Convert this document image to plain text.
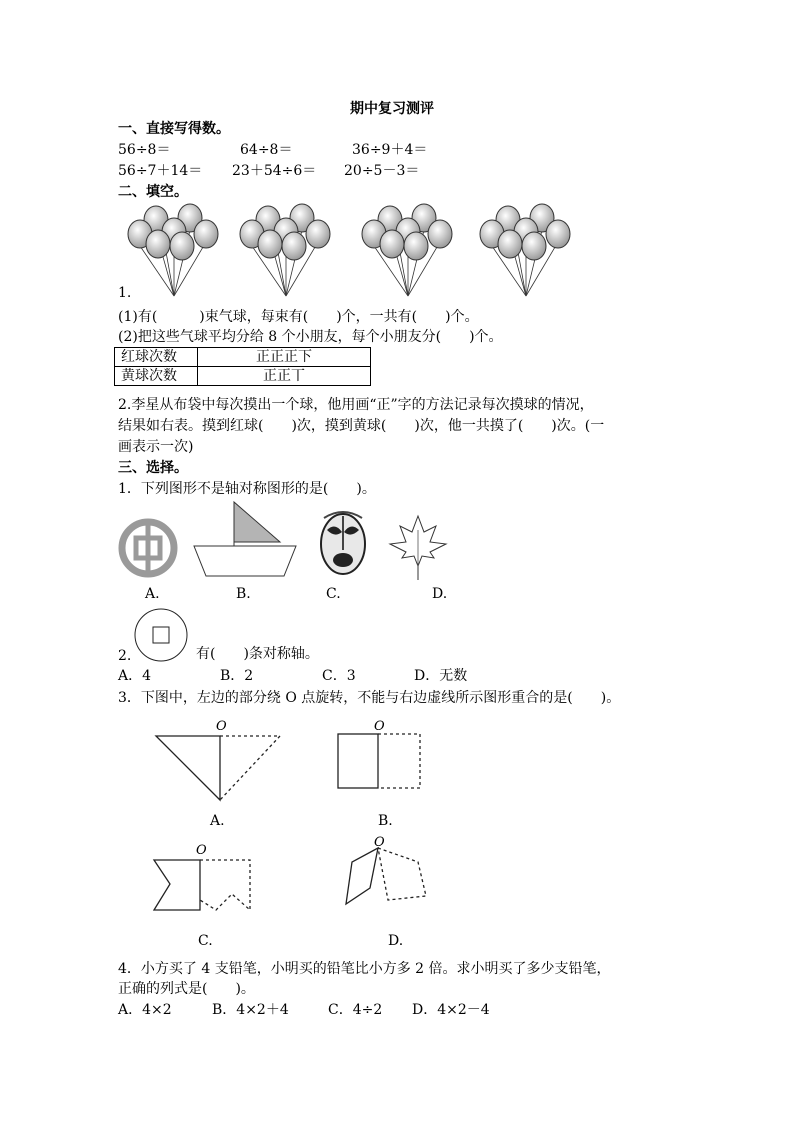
期中复习测评
一、直接写得数。
56÷8＝	64÷8＝	36÷9＋4＝
56÷7＋14＝ 23＋54÷6＝ 20÷5－3＝
二、填空。
1.
(1)有(　　　)束气球，每束有(　　)个，一共有(　　)个。
(2)把这些气球平均分给 8 个小朋友，每个小朋友分(　　)个。
红球次数	正正正下
黄球次数	正正丅
2.李星从布袋中每次摸出一个球，他用画“正”字的方法记录每次摸球的情况，
结果如右表。摸到红球(　　)次，摸到黄球(　　)次，他一共摸了(　　)次。(一
画表示一次)
三、选择。
1．下列图形不是轴对称图形的是(　　)。
A.	B.	C.	D.
2.	有(　　)条对称轴。
A．4	B．2	C．3	D．无数
3．下图中，左边的部分绕 O 点旋转，不能与右边虚线所示图形重合的是(　　)。
O	O
O
O
A.	B.
C.	D.
4．小方买了 4 支铅笔，小明买的铅笔比小方多 2 倍。求小明买了多少支铅笔，
正确的列式是(　　)。
A．4×2	B．4×2＋4	C．4÷2 D．4×2－4
